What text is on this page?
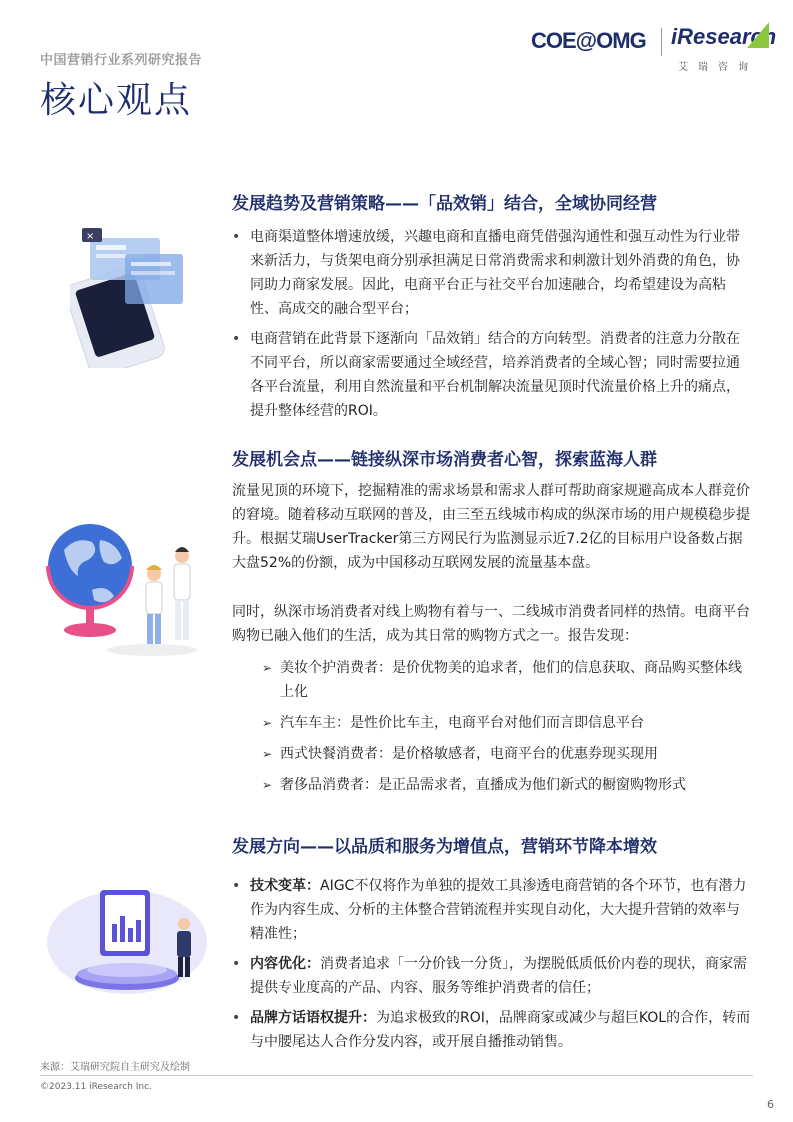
中国营销行业系列研究报告
核心观点
COE@OMG iResearch
艾瑞咨询
×
发展趋势及营销策略——「品效销」结合，全域协同经营
• 电商渠道整体增速放缓，兴趣电商和直播电商凭借强沟通性和强互动性为行业带来新活力，与货架电商分别承担满足日常消费需求和刺激计划外消费的角色，协同助力商家发展。因此，电商平台正与社交平台加速融合，均希望建设为高粘性、高成交的融合型平台；
• 电商营销在此背景下逐渐向「品效销」结合的方向转型。消费者的注意力分散在不同平台，所以商家需要通过全域经营，培养消费者的全域心智；同时需要拉通各平台流量，利用自然流量和平台机制解决流量见顶时代流量价格上升的痛点，提升整体经营的ROI。
发展机会点——链接纵深市场消费者心智，探索蓝海人群

流量见顶的环境下，挖掘精准的需求场景和需求人群可帮助商家规避高成本人群竞价的窘境。随着移动互联网的普及，由三至五线城市构成的纵深市场的用户规模稳步提升。根据艾瑞UserTracker第三方网民行为监测显示近7.2亿的目标用户设备数占据大盘52%的份额，成为中国移动互联网发展的流量基本盘。

同时，纵深市场消费者对线上购物有着与一、二线城市消费者同样的热情。电商平台购物已融入他们的生活，成为其日常的购物方式之一。报告发现：

➢ 美妆个护消费者：是价优物美的追求者，他们的信息获取、商品购买整体线上化
➢ 汽车车主：是性价比车主，电商平台对他们而言即信息平台
➢ 西式快餐消费者：是价格敏感者，电商平台的优惠券现买现用
➢ 奢侈品消费者：是正品需求者，直播成为他们新式的橱窗购物形式
发展方向——以品质和服务为增值点，营销环节降本增效
• 技术变革：AIGC不仅将作为单独的提效工具渗透电商营销的各个环节，也有潜力作为内容生成、分析的主体整合营销流程并实现自动化，大大提升营销的效率与精准性；
• 内容优化：消费者追求「一分价钱一分货」，为摆脱低质低价内卷的现状，商家需提供专业度高的产品、内容、服务等维护消费者的信任；
• 品牌方话语权提升：为追求极致的ROI，品牌商家或减少与超巨KOL的合作，转而与中腰尾达人合作分发内容，或开展自播推动销售。
来源：艾瑞研究院自主研究及绘制
©2023.11 iResearch Inc.
6
